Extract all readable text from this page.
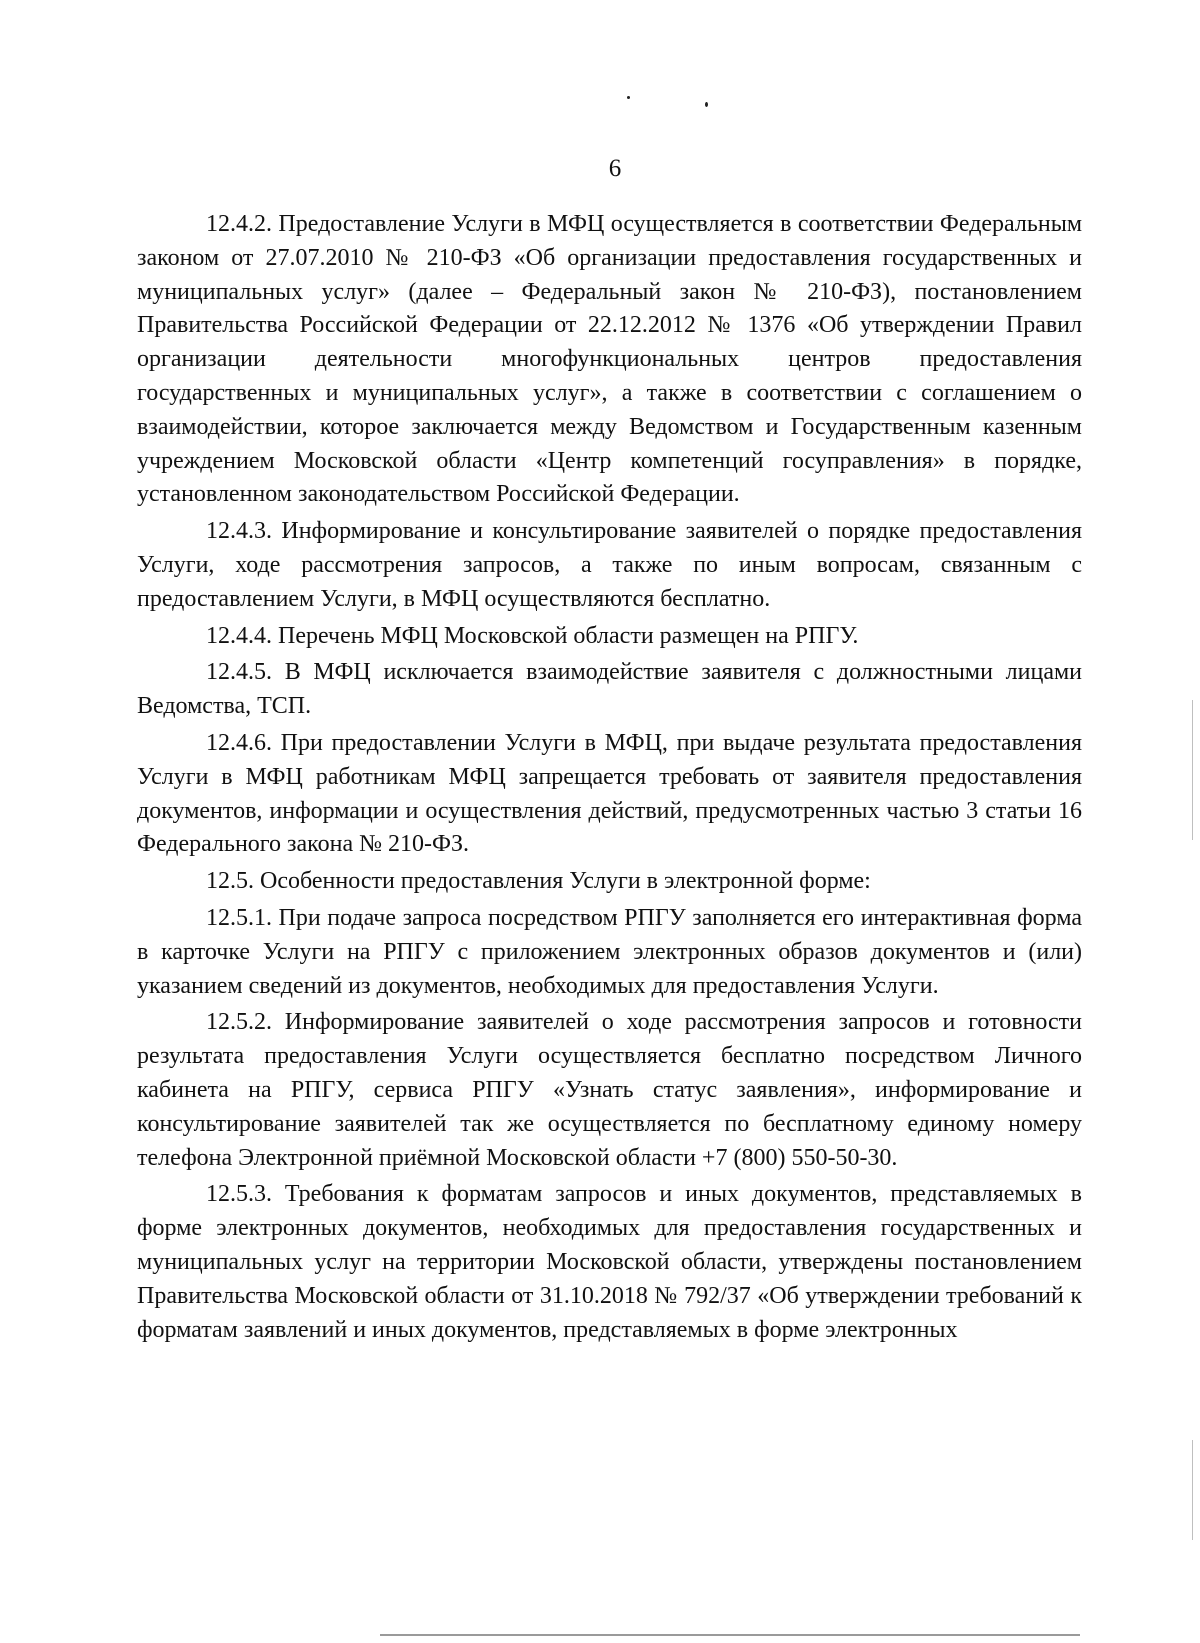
6

12.4.2. Предоставление Услуги в МФЦ осуществляется в соответствии Федеральным законом от 27.07.2010 № 210-ФЗ «Об организации предоставления государственных и муниципальных услуг» (далее – Федеральный закон № 210-ФЗ), постановлением Правительства Российской Федерации от 22.12.2012 № 1376 «Об утверждении Правил организации деятельности многофункциональных центров предоставления государственных и муниципальных услуг», а также в соответствии с соглашением о взаимодействии, которое заключается между Ведомством и Государственным казенным учреждением Московской области «Центр компетенций госуправления» в порядке, установленном законодательством Российской Федерации.

12.4.3. Информирование и консультирование заявителей о порядке предоставления Услуги, ходе рассмотрения запросов, а также по иным вопросам, связанным с предоставлением Услуги, в МФЦ осуществляются бесплатно.

12.4.4. Перечень МФЦ Московской области размещен на РПГУ.

12.4.5. В МФЦ исключается взаимодействие заявителя с должностными лицами Ведомства, ТСП.

12.4.6. При предоставлении Услуги в МФЦ, при выдаче результата предоставления Услуги в МФЦ работникам МФЦ запрещается требовать от заявителя предоставления документов, информации и осуществления действий, предусмотренных частью 3 статьи 16 Федерального закона № 210-ФЗ.

12.5. Особенности предоставления Услуги в электронной форме:

12.5.1. При подаче запроса посредством РПГУ заполняется его интерактивная форма в карточке Услуги на РПГУ с приложением электронных образов документов и (или) указанием сведений из документов, необходимых для предоставления Услуги.

12.5.2. Информирование заявителей о ходе рассмотрения запросов и готовности результата предоставления Услуги осуществляется бесплатно посредством Личного кабинета на РПГУ, сервиса РПГУ «Узнать статус заявления», информирование и консультирование заявителей так же осуществляется по бесплатному единому номеру телефона Электронной приёмной Московской области +7 (800) 550-50-30.

12.5.3. Требования к форматам запросов и иных документов, представляемых в форме электронных документов, необходимых для предоставления государственных и муниципальных услуг на территории Московской области, утверждены постановлением Правительства Московской области от 31.10.2018 № 792/37 «Об утверждении требований к форматам заявлений и иных документов, представляемых в форме электронных
